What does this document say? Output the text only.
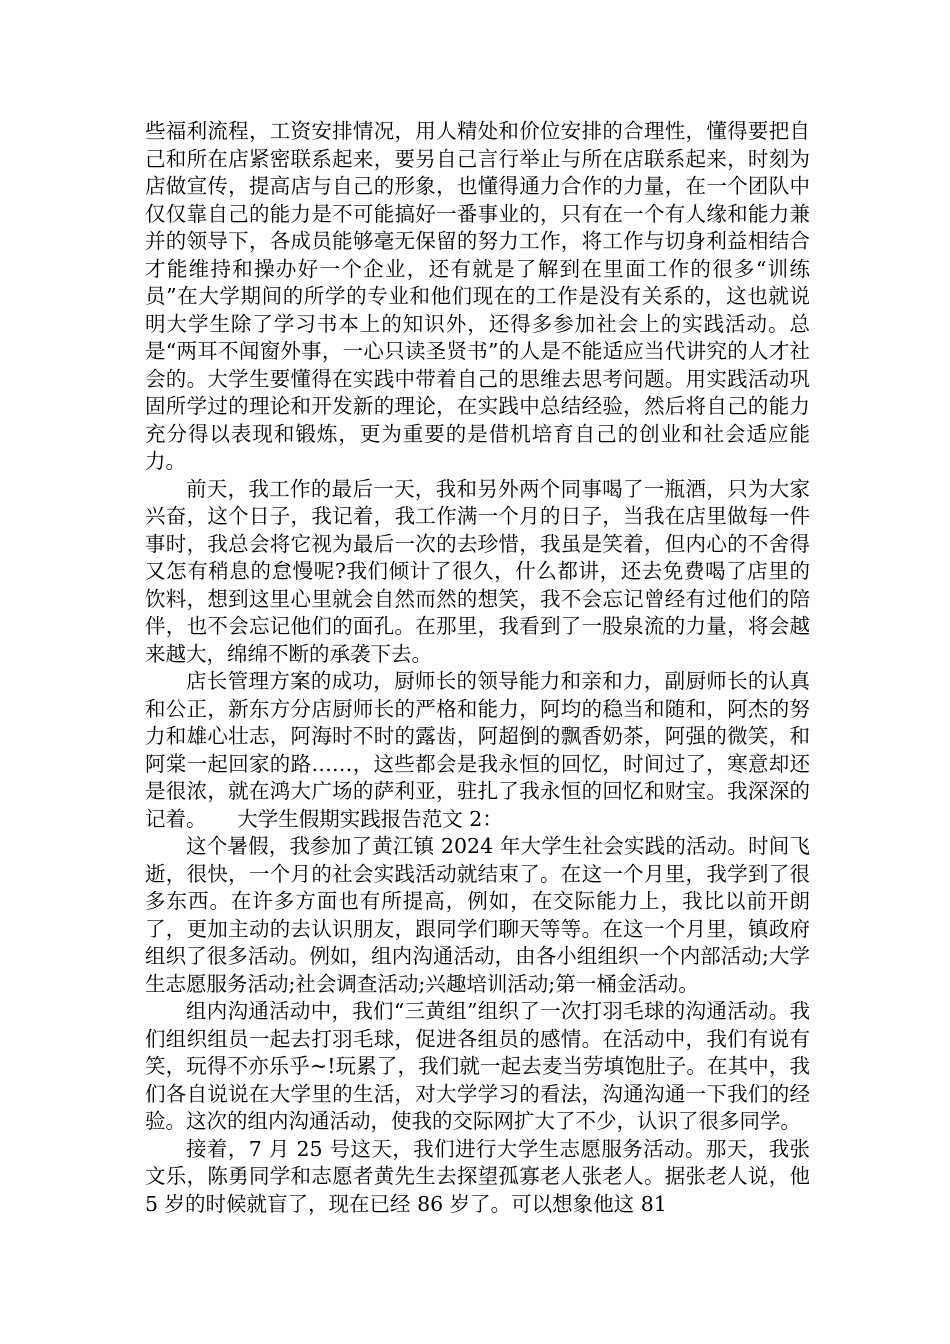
些福利流程，工资安排情况，用人精处和价位安排的合理性，懂得要把自己和所在店紧密联系起来，要另自己言行举止与所在店联系起来，时刻为店做宣传，提高店与自己的形象，也懂得通力合作的力量，在一个团队中仅仅靠自己的能力是不可能搞好一番事业的，只有在一个有人缘和能力兼并的领导下，各成员能够毫无保留的努力工作，将工作与切身利益相结合才能维持和操办好一个企业，还有就是了解到在里面工作的很多“训练员”在大学期间的所学的专业和他们现在的工作是没有关系的，这也就说明大学生除了学习书本上的知识外，还得多参加社会上的实践活动。总是“两耳不闻窗外事，一心只读圣贤书”的人是不能适应当代讲究的人才社会的。大学生要懂得在实践中带着自己的思维去思考问题。用实践活动巩固所学过的理论和开发新的理论，在实践中总结经验，然后将自己的能力充分得以表现和锻炼，更为重要的是借机培育自己的创业和社会适应能力。

前天，我工作的最后一天，我和另外两个同事喝了一瓶酒，只为大家兴奋，这个日子，我记着，我工作满一个月的日子，当我在店里做每一件事时，我总会将它视为最后一次的去珍惜，我虽是笑着，但内心的不舍得又怎有稍息的怠慢呢?我们倾计了很久，什么都讲，还去免费喝了店里的饮料，想到这里心里就会自然而然的想笑，我不会忘记曾经有过他们的陪伴，也不会忘记他们的面孔。在那里，我看到了一股泉流的力量，将会越来越大，绵绵不断的承袭下去。

店长管理方案的成功，厨师长的领导能力和亲和力，副厨师长的认真和公正，新东方分店厨师长的严格和能力，阿均的稳当和随和，阿杰的努力和雄心壮志，阿海时不时的露齿，阿超倒的飘香奶茶，阿强的微笑，和阿棠一起回家的路……，这些都会是我永恒的回忆，时间过了，寒意却还是很浓，就在鸿大广场的萨利亚，驻扎了我永恒的回忆和财宝。我深深的记着。　　大学生假期实践报告范文 2：

这个暑假，我参加了黄江镇 2024 年大学生社会实践的活动。时间飞逝，很快，一个月的社会实践活动就结束了。在这一个月里，我学到了很多东西。在许多方面也有所提高，例如，在交际能力上，我比以前开朗了，更加主动的去认识朋友，跟同学们聊天等等。在这一个月里，镇政府组织了很多活动。例如，组内沟通活动，由各小组组织一个内部活动;大学生志愿服务活动;社会调查活动;兴趣培训活动;第一桶金活动。

组内沟通活动中，我们“三黄组”组织了一次打羽毛球的沟通活动。我们组织组员一起去打羽毛球，促进各组员的感情。在活动中，我们有说有笑，玩得不亦乐乎~!玩累了，我们就一起去麦当劳填饱肚子。在其中，我们各自说说在大学里的生活，对大学学习的看法，沟通沟通一下我们的经验。这次的组内沟通活动，使我的交际网扩大了不少，认识了很多同学。

接着，7 月 25 号这天，我们进行大学生志愿服务活动。那天，我张文乐，陈勇同学和志愿者黄先生去探望孤寡老人张老人。据张老人说，他 5 岁的时候就盲了，现在已经 86 岁了。可以想象他这 81
